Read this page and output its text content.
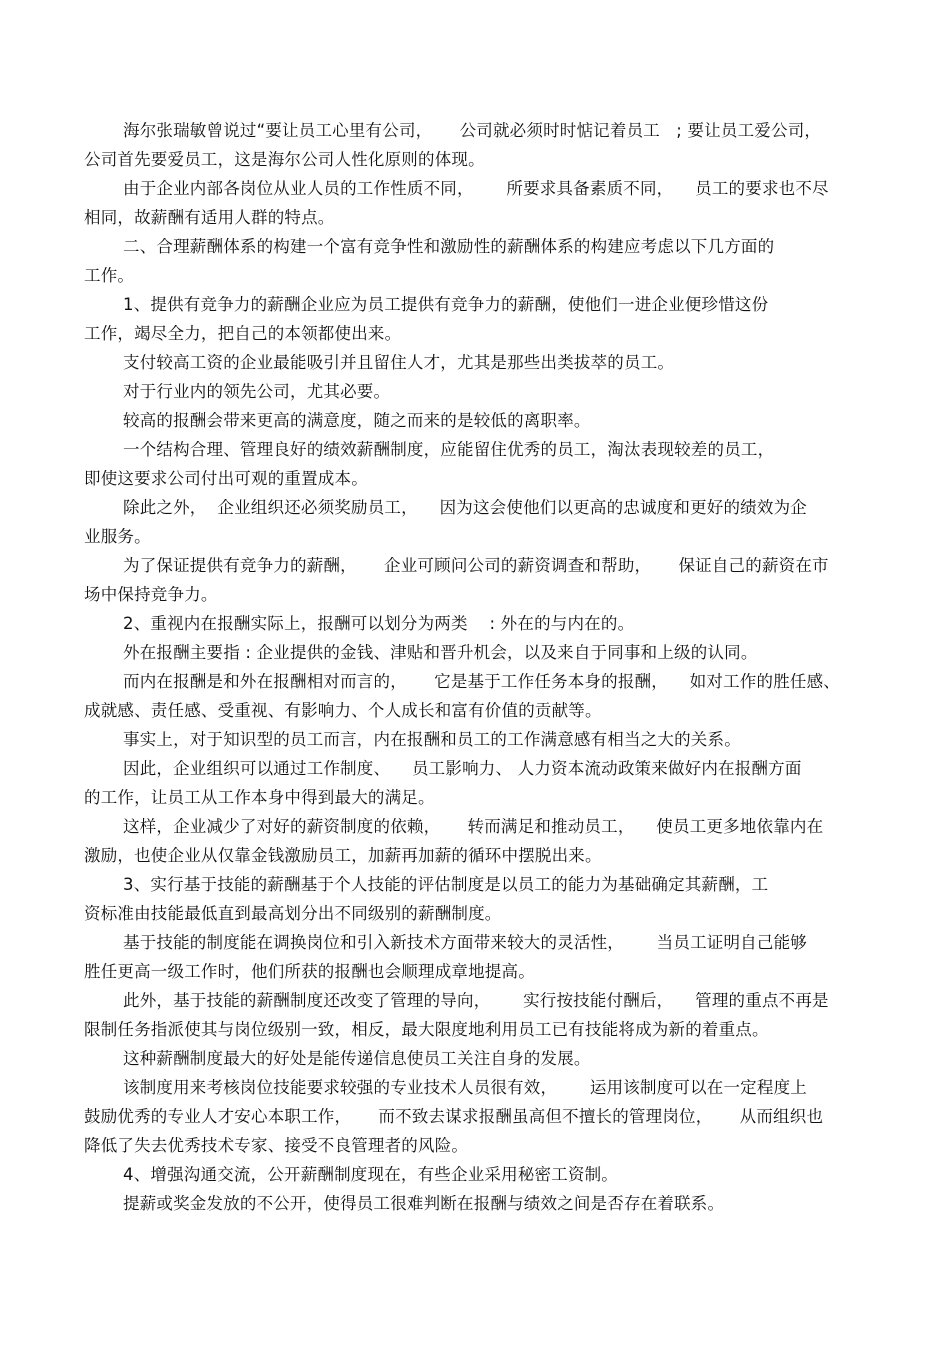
海尔张瑞敏曾说过“要让员工心里有公司，     公司就必须时时惦记着员工   ; 要让员工爱公司，
公司首先要爱员工，这是海尔公司人性化原则的体现。
由于企业内部各岗位从业人员的工作性质不同，      所要求具备素质不同，    员工的要求也不尽
相同，故薪酬有适用人群的特点。
二、合理薪酬体系的构建一个富有竞争性和激励性的薪酬体系的构建应考虑以下几方面的
工作。
1、提供有竞争力的薪酬企业应为员工提供有竞争力的薪酬，使他们一进企业便珍惜这份
工作，竭尽全力，把自己的本领都使出来。
支付较高工资的企业最能吸引并且留住人才，尤其是那些出类拔萃的员工。
对于行业内的领先公司，尤其必要。
较高的报酬会带来更高的满意度，随之而来的是较低的离职率。
一个结构合理、管理良好的绩效薪酬制度，应能留住优秀的员工，淘汰表现较差的员工，
即使这要求公司付出可观的重置成本。
除此之外，  企业组织还必须奖励员工，    因为这会使他们以更高的忠诚度和更好的绩效为企
业服务。
为了保证提供有竞争力的薪酬，     企业可顾问公司的薪资调查和帮助，     保证自己的薪资在市
场中保持竞争力。
2、重视内在报酬实际上，报酬可以划分为两类    : 外在的与内在的。
外在报酬主要指 : 企业提供的金钱、津贴和晋升机会，以及来自于同事和上级的认同。
而内在报酬是和外在报酬相对而言的，     它是基于工作任务本身的报酬，    如对工作的胜任感、
成就感、责任感、受重视、有影响力、个人成长和富有价值的贡献等。
事实上，对于知识型的员工而言，内在报酬和员工的工作满意感有相当之大的关系。
因此，企业组织可以通过工作制度、    员工影响力、 人力资本流动政策来做好内在报酬方面
的工作，让员工从工作本身中得到最大的满足。
这样，企业减少了对好的薪资制度的依赖，     转而满足和推动员工，    使员工更多地依靠内在
激励，也使企业从仅靠金钱激励员工，加薪再加薪的循环中摆脱出来。
3、实行基于技能的薪酬基于个人技能的评估制度是以员工的能力为基础确定其薪酬，工
资标准由技能最低直到最高划分出不同级别的薪酬制度。
基于技能的制度能在调换岗位和引入新技术方面带来较大的灵活性，      当员工证明自己能够
胜任更高一级工作时，他们所获的报酬也会顺理成章地提高。
此外，基于技能的薪酬制度还改变了管理的导向，      实行按技能付酬后，    管理的重点不再是
限制任务指派使其与岗位级别一致，相反，最大限度地利用员工已有技能将成为新的着重点。
这种薪酬制度最大的好处是能传递信息使员工关注自身的发展。
该制度用来考核岗位技能要求较强的专业技术人员很有效，      运用该制度可以在一定程度上
鼓励优秀的专业人才安心本职工作，     而不致去谋求报酬虽高但不擅长的管理岗位，     从而组织也
降低了失去优秀技术专家、接受不良管理者的风险。
4、增强沟通交流，公开薪酬制度现在，有些企业采用秘密工资制。
提薪或奖金发放的不公开，使得员工很难判断在报酬与绩效之间是否存在着联系。
